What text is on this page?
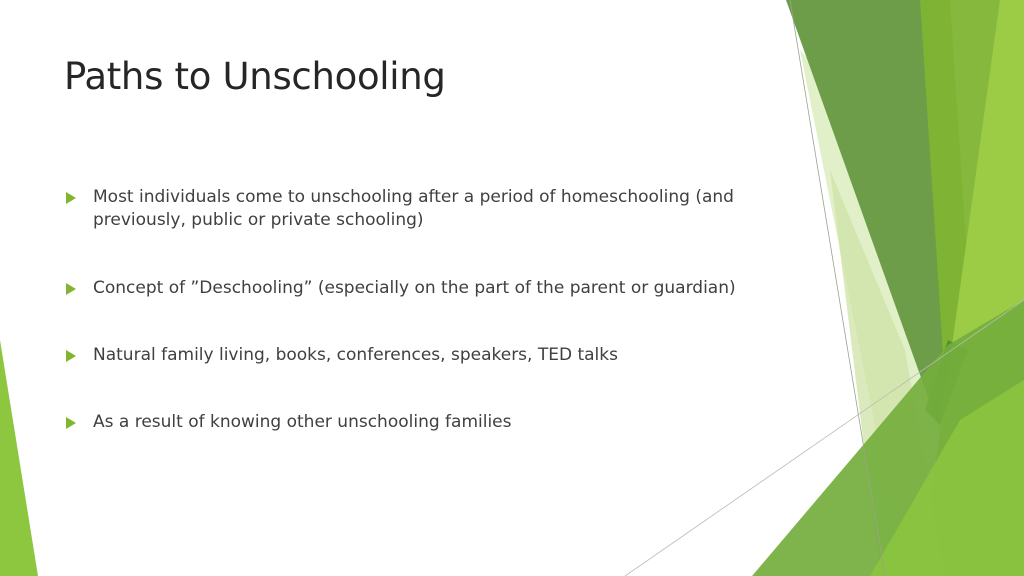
Paths to Unschooling
Most individuals come to unschooling after a period of homeschooling (and previously, public or private schooling)
Concept of ”Deschooling” (especially on the part of the parent or guardian)
Natural family living, books, conferences, speakers, TED talks
As a result of knowing other unschooling families
